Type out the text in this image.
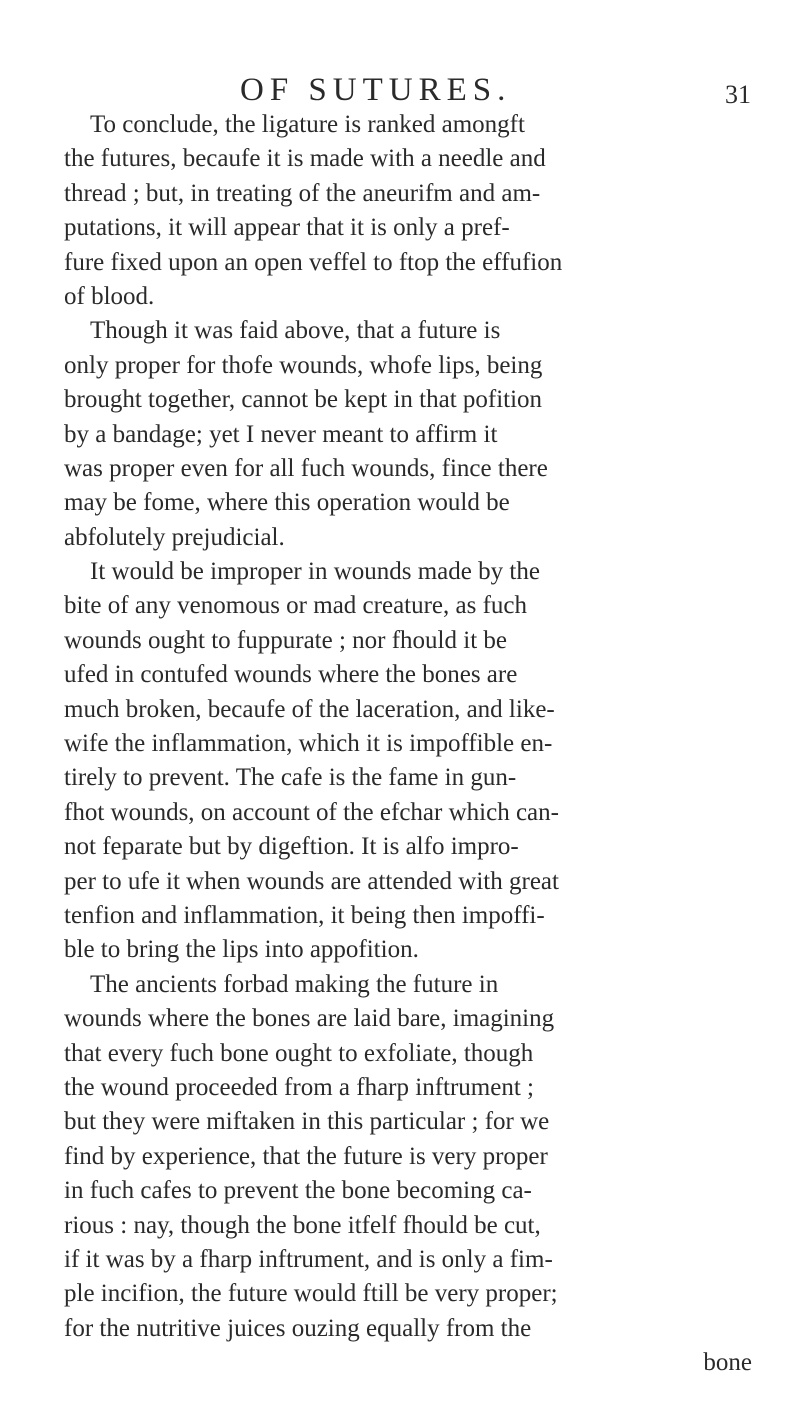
OF SUTURES.	31
To conclude, the ligature is ranked amongft
the futures, becaufe it is made with a needle and
thread ; but, in treating of the aneurifm and am-
putations, it will appear that it is only a pref-
fure fixed upon an open veffel to ftop the effufion
of blood.
Though it was faid above, that a future is
only proper for thofe wounds, whofe lips, being
brought together, cannot be kept in that pofition
by a bandage; yet I never meant to affirm it
was proper even for all fuch wounds, fince there
may be fome, where this operation would be
abfolutely prejudicial.
It would be improper in wounds made by the
bite of any venomous or mad creature, as fuch
wounds ought to fuppurate ; nor fhould it be
ufed in contufed wounds where the bones are
much broken, becaufe of the laceration, and like-
wife the inflammation, which it is impoffible en-
tirely to prevent. The cafe is the fame in gun-
fhot wounds, on account of the efchar which can-
not feparate but by digeftion. It is alfo impro-
per to ufe it when wounds are attended with great
tenfion and inflammation, it being then impoffi-
ble to bring the lips into appofition.
The ancients forbad making the future in
wounds where the bones are laid bare, imagining
that every fuch bone ought to exfoliate, though
the wound proceeded from a fharp inftrument ;
but they were miftaken in this particular ; for we
find by experience, that the future is very proper
in fuch cafes to prevent the bone becoming ca-
rious : nay, though the bone itfelf fhould be cut,
if it was by a fharp inftrument, and is only a fim-
ple incifion, the future would ftill be very proper;
for the nutritive juices ouzing equally from the
bone
